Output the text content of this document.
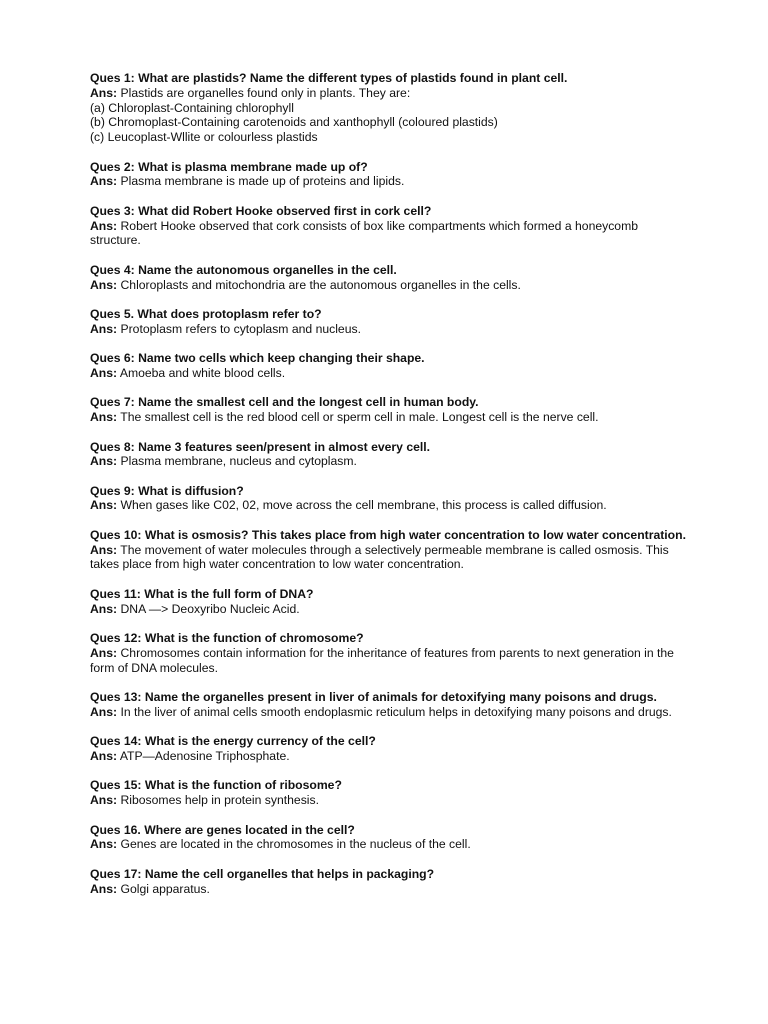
Ques 1: What are plastids? Name the different types of plastids found in plant cell.
Ans: Plastids are organelles found only in plants. They are:
(a) Chloroplast-Containing chlorophyll
(b) Chromoplast-Containing carotenoids and xanthophyll (coloured plastids)
(c) Leucoplast-Wllite or colourless plastids
Ques 2: What is plasma membrane made up of?
Ans: Plasma membrane is made up of proteins and lipids.
Ques 3: What did Robert Hooke observed first in cork cell?
Ans: Robert Hooke observed that cork consists of box like compartments which formed a honeycomb structure.
Ques 4: Name the autonomous organelles in the cell.
Ans: Chloroplasts and mitochondria are the autonomous organelles in the cells.
Ques 5. What does protoplasm refer to?
Ans: Protoplasm refers to cytoplasm and nucleus.
Ques 6: Name two cells which keep changing their shape.
Ans: Amoeba and white blood cells.
Ques 7: Name the smallest cell and the longest cell in human body.
Ans: The smallest cell is the red blood cell or sperm cell in male. Longest cell is the nerve cell.
Ques 8: Name 3 features seen/present in almost every cell.
Ans: Plasma membrane, nucleus and cytoplasm.
Ques 9: What is diffusion?
Ans: When gases like C02, 02, move across the cell membrane, this process is called diffusion.
Ques 10: What is osmosis? This takes place from high water concentration to low water concentration.
Ans: The movement of water molecules through a selectively permeable membrane is called osmosis. This takes place from high water concentration to low water concentration.
Ques 11: What is the full form of DNA?
Ans: DNA —> Deoxyribo Nucleic Acid.
Ques 12: What is the function of chromosome?
Ans: Chromosomes contain information for the inheritance of features from parents to next generation in the form of DNA molecules.
Ques 13: Name the organelles present in liver of animals for detoxifying many poisons and drugs.
Ans: In the liver of animal cells smooth endoplasmic reticulum helps in detoxifying many poisons and drugs.
Ques 14: What is the energy currency of the cell?
Ans: ATP—Adenosine Triphosphate.
Ques 15: What is the function of ribosome?
Ans: Ribosomes help in protein synthesis.
Ques 16. Where are genes located in the cell?
Ans: Genes are located in the chromosomes in the nucleus of the cell.
Ques 17: Name the cell organelles that helps in packaging?
Ans: Golgi apparatus.
